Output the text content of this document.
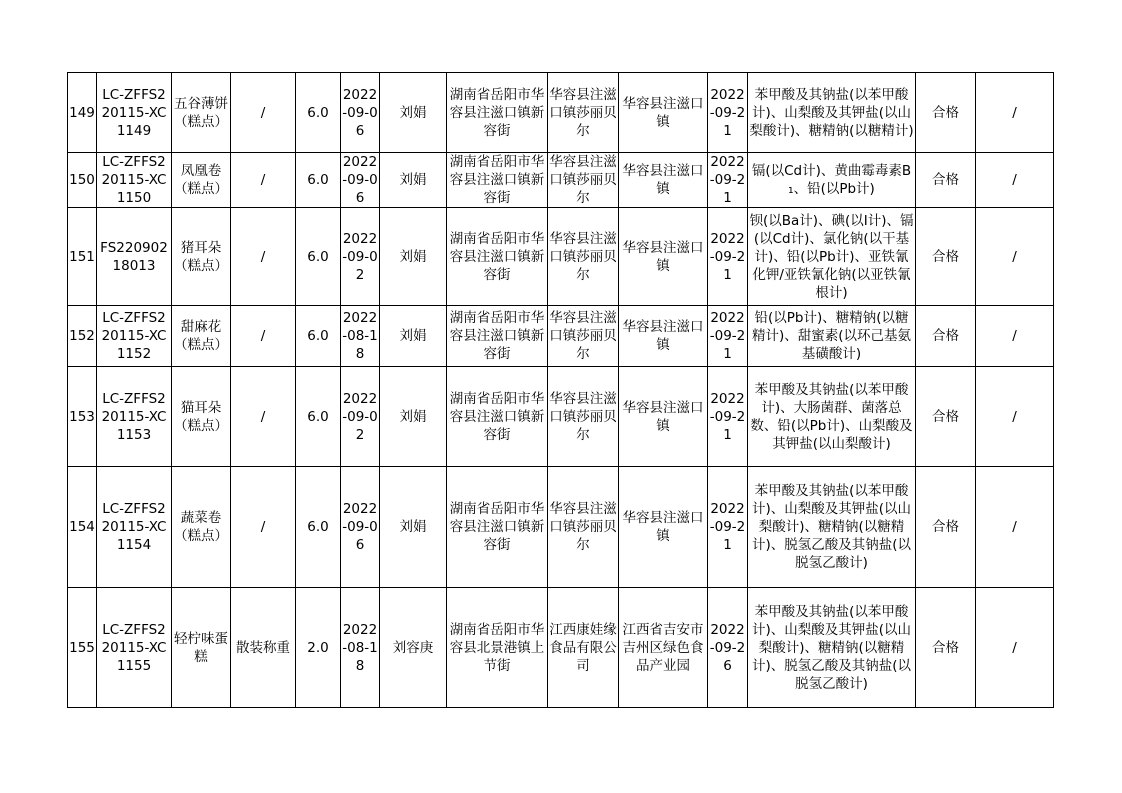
149	LC-ZFFS220115-XC1149	五谷薄饼（糕点）	/	6.0	2022-09-06	刘娟	湖南省岳阳市华容县注滋口镇新容街	华容县注滋口镇莎丽贝尔	华容县注滋口镇	2022-09-21	苯甲酸及其钠盐(以苯甲酸计)、山梨酸及其钾盐(以山梨酸计)、糖精钠(以糖精计)	合格	/
150	LC-ZFFS220115-XC1150	凤凰卷（糕点）	/	6.0	2022-09-06	刘娟	湖南省岳阳市华容县注滋口镇新容街	华容县注滋口镇莎丽贝尔	华容县注滋口镇	2022-09-21	镉(以Cd计)、黄曲霉毒素B₁、铅(以Pb计)	合格	/
151	FS22090218013	猪耳朵（糕点）	/	6.0	2022-09-02	刘娟	湖南省岳阳市华容县注滋口镇新容街	华容县注滋口镇莎丽贝尔	华容县注滋口镇	2022-09-21	钡(以Ba计)、碘(以I计)、镉(以Cd计)、氯化钠(以干基计)、铅(以Pb计)、亚铁氰化钾/亚铁氰化钠(以亚铁氰根计)	合格	/
152	LC-ZFFS220115-XC1152	甜麻花（糕点）	/	6.0	2022-08-18	刘娟	湖南省岳阳市华容县注滋口镇新容街	华容县注滋口镇莎丽贝尔	华容县注滋口镇	2022-09-21	铅(以Pb计)、糖精钠(以糖精计)、甜蜜素(以环己基氨基磺酸计)	合格	/
153	LC-ZFFS220115-XC1153	猫耳朵（糕点）	/	6.0	2022-09-02	刘娟	湖南省岳阳市华容县注滋口镇新容街	华容县注滋口镇莎丽贝尔	华容县注滋口镇	2022-09-21	苯甲酸及其钠盐(以苯甲酸计)、大肠菌群、菌落总数、铅(以Pb计)、山梨酸及其钾盐(以山梨酸计)	合格	/
154	LC-ZFFS220115-XC1154	蔬菜卷（糕点）	/	6.0	2022-09-06	刘娟	湖南省岳阳市华容县注滋口镇新容街	华容县注滋口镇莎丽贝尔	华容县注滋口镇	2022-09-21	苯甲酸及其钠盐(以苯甲酸计)、山梨酸及其钾盐(以山梨酸计)、糖精钠(以糖精计)、脱氢乙酸及其钠盐(以脱氢乙酸计)	合格	/
155	LC-ZFFS220115-XC1155	轻柠味蛋糕	散装称重	2.0	2022-08-18	刘容庚	湖南省岳阳市华容县北景港镇上节街	江西康娃缘食品有限公司	江西省吉安市吉州区绿色食品产业园	2022-09-26	苯甲酸及其钠盐(以苯甲酸计)、山梨酸及其钾盐(以山梨酸计)、糖精钠(以糖精计)、脱氢乙酸及其钠盐(以脱氢乙酸计)	合格	/
